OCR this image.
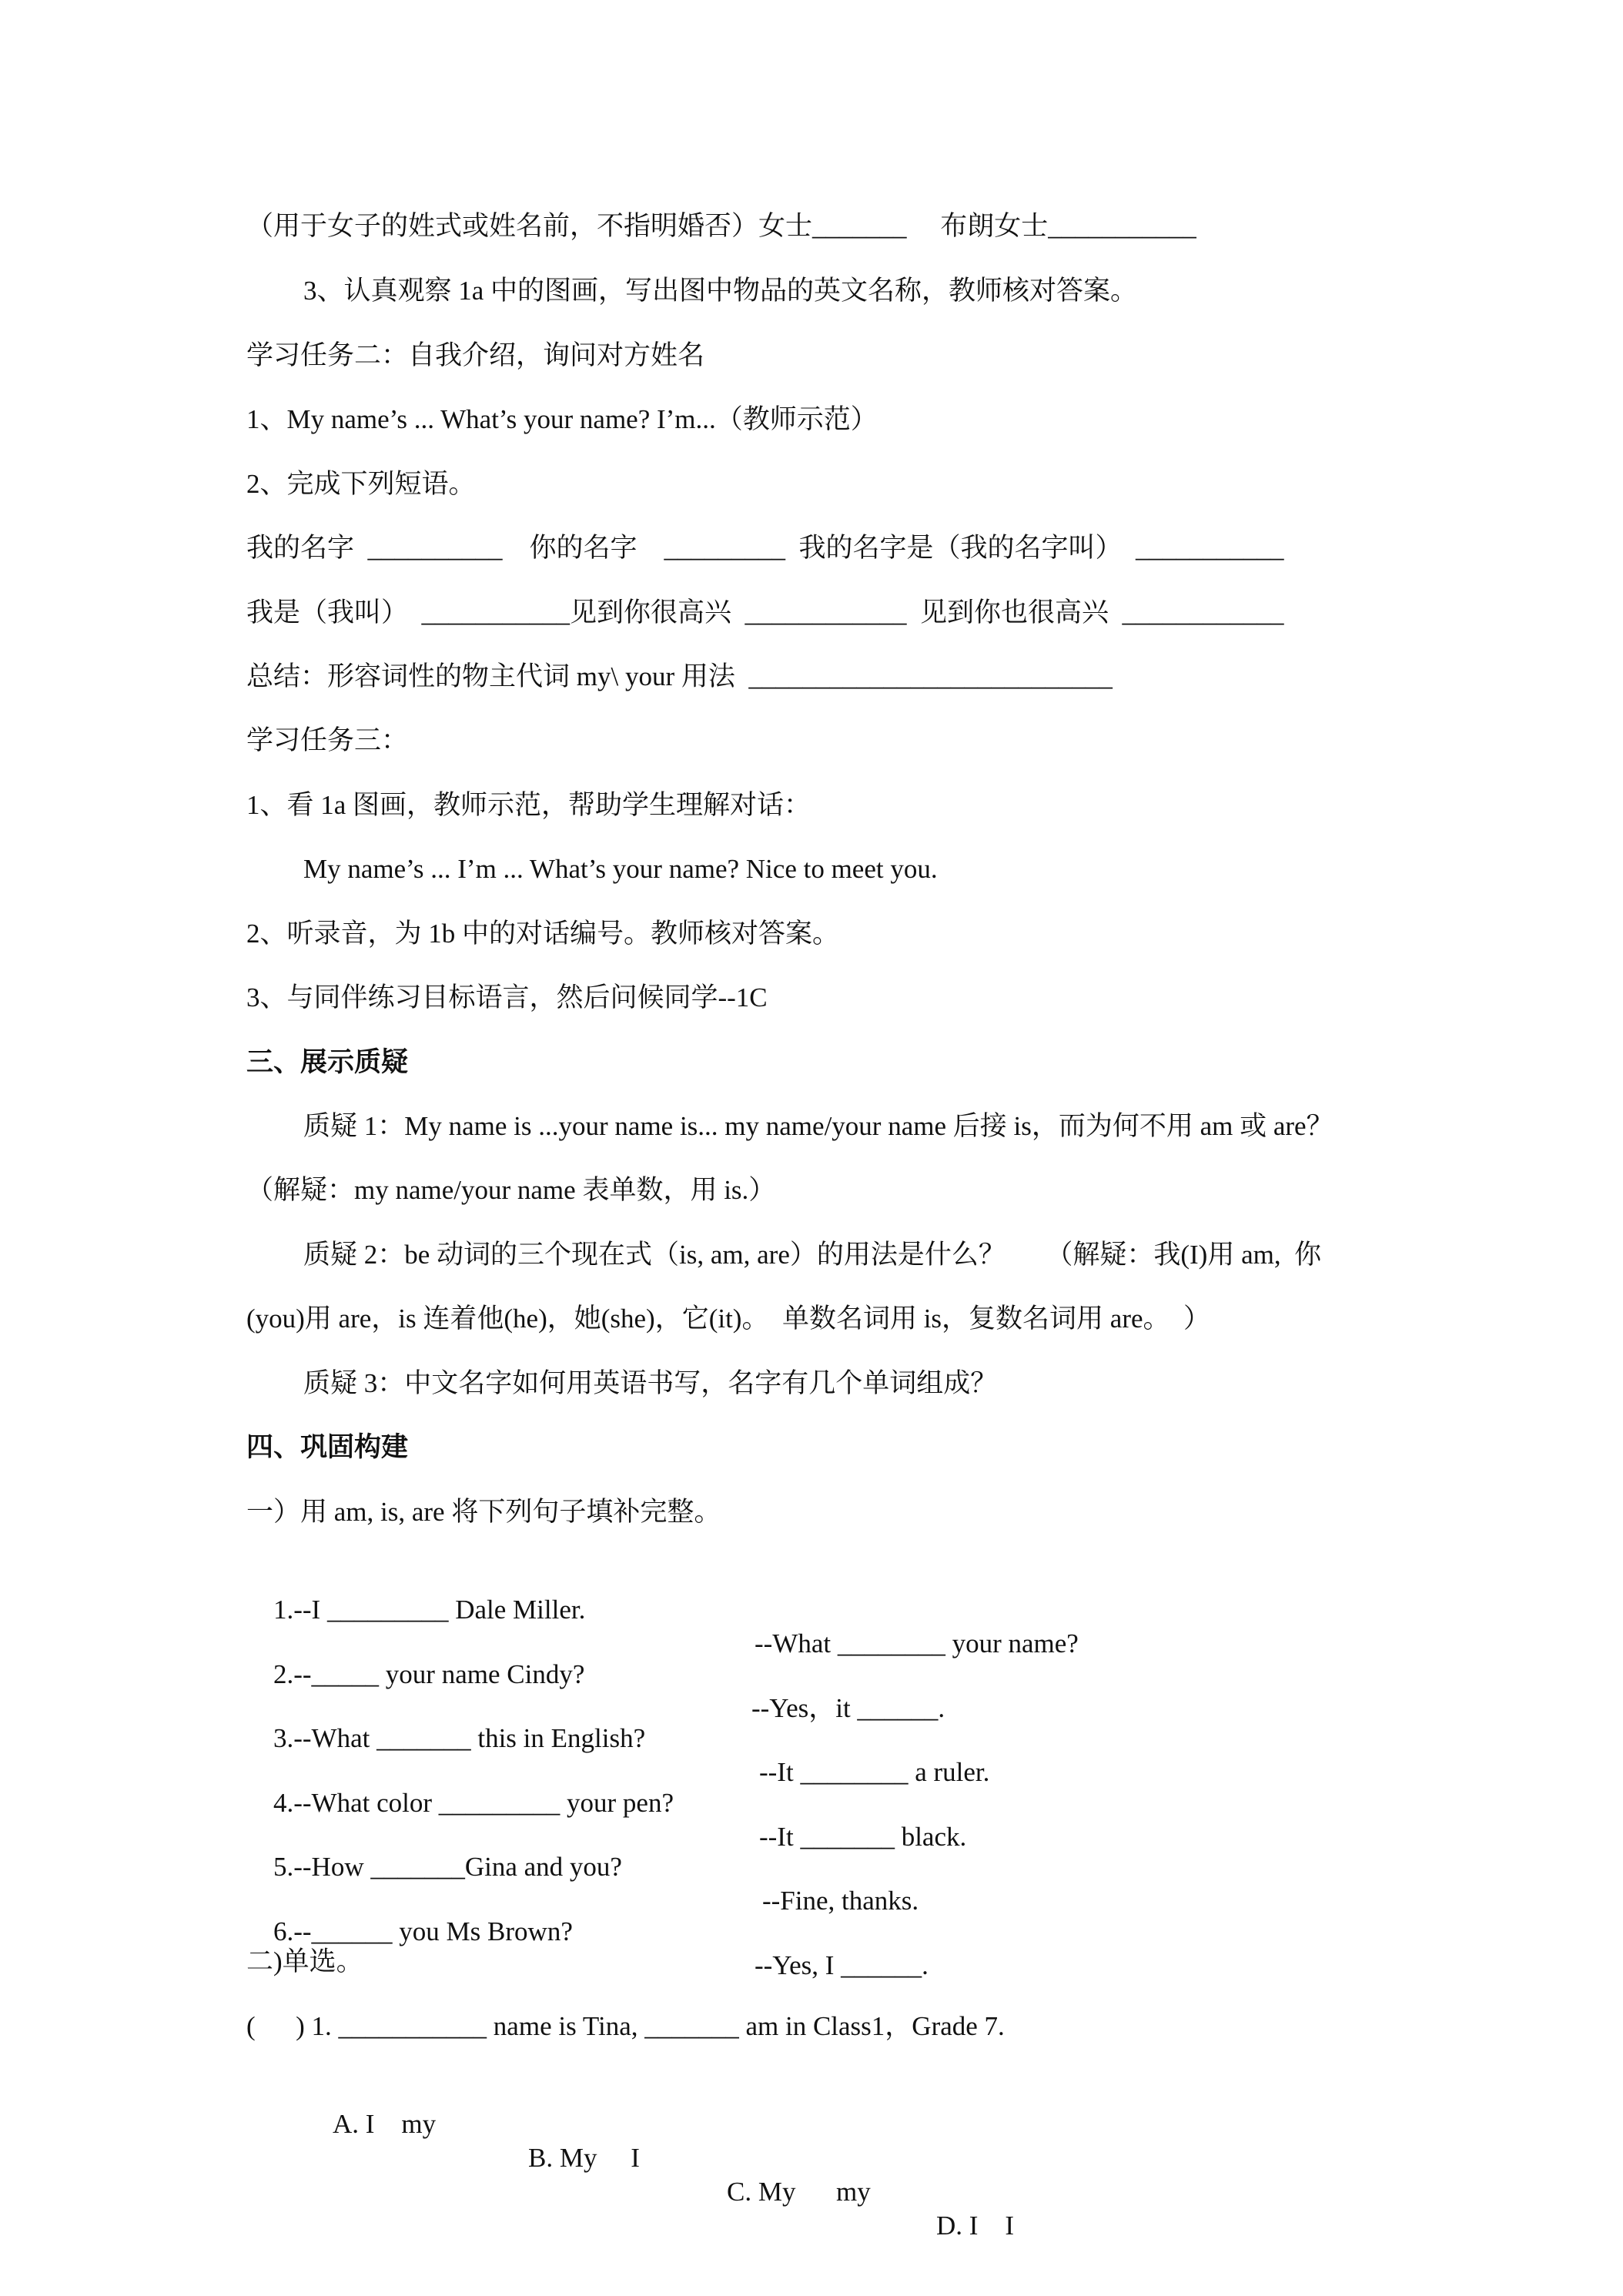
（用于女子的姓式或姓名前，不指明婚否）女士_______     布朗女士___________
3、认真观察 1a 中的图画，写出图中物品的英文名称，教师核对答案。
学习任务二：自我介绍，询问对方姓名
1、My name’s ... What’s your name? I’m...（教师示范）
2、完成下列短语。
我的名字  __________    你的名字    _________  我的名字是（我的名字叫）  ___________
我是（我叫）  ___________见到你很高兴  ____________  见到你也很高兴  ____________
总结：形容词性的物主代词 my\ your 用法  ___________________________
学习任务三：
1、看 1a 图画，教师示范，帮助学生理解对话：
My name’s ... I’m ... What’s your name? Nice to meet you.
2、听录音，为 1b 中的对话编号。教师核对答案。
3、与同伴练习目标语言，然后问候同学--1C
三、展示质疑
质疑 1：My name is ...your name is... my name/your name 后接 is，而为何不用 am 或 are？
（解疑：my name/your name 表单数，用 is.）
质疑 2：be 动词的三个现在式（is, am, are）的用法是什么？      （解疑：我(I)用 am,  你
(you)用 are，is 连着他(he)，她(she)，它(it)。  单数名词用 is，复数名词用 are。  ）
质疑 3：中文名字如何用英语书写，名字有几个单词组成？
四、巩固构建
一）用 am, is, are 将下列句子填补完整。

1.--I _________ Dale Miller.

--What ________ your name?

2.--_____ your name Cindy?

--Yes，it ______.

3.--What _______ this in English?

--It ________ a ruler.

4.--What color _________ your pen?

--It _______ black.

5.--How _______Gina and you?

--Fine, thanks.

6.--______ you Ms Brown?

--Yes, I ______.

二)单选。
(      ) 1. ___________ name is Tina, _______ am in Class1，Grade 7.

A. I    my

B. My     I

C. My      my

D. I    I
